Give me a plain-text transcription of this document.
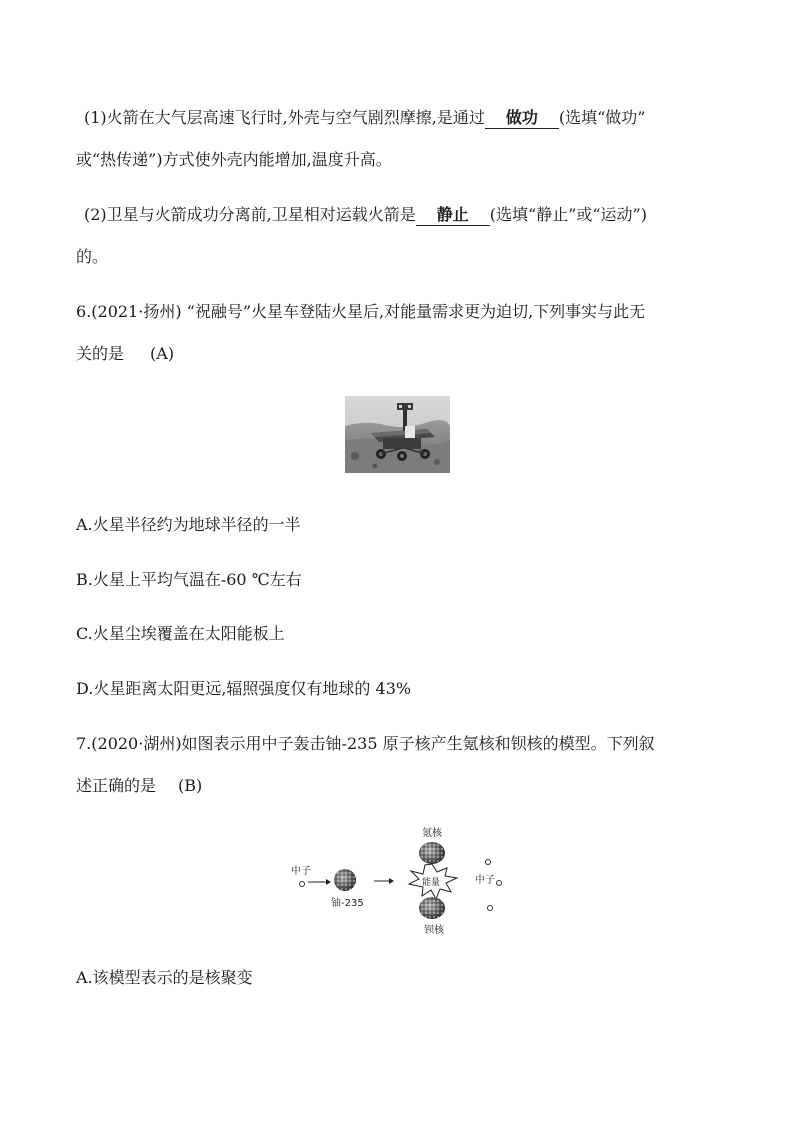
(1)火箭在大气层高速飞行时,外壳与空气剧烈摩擦,是通过 做功 (选填“做功”
或“热传递”)方式使外壳内能增加,温度升高。
(2)卫星与火箭成功分离前,卫星相对运载火箭是 静止 (选填“静止”或“运动”)
的。
6.(2021·扬州) “祝融号”火星车登陆火星后,对能量需求更为迫切,下列事实与此无
关的是 (A)
A.火星半径约为地球半径的一半
B.火星上平均气温在-60 ℃左右
C.火星尘埃覆盖在太阳能板上
D.火星距离太阳更远,辐照强度仅有地球的 43%
7.(2020·湖州)如图表示用中子轰击铀-235 原子核产生氪核和钡核的模型。下列叙
述正确的是 (B)
中子
铀-235
氪核
能量	中子
钡核
A.该模型表示的是核聚变
